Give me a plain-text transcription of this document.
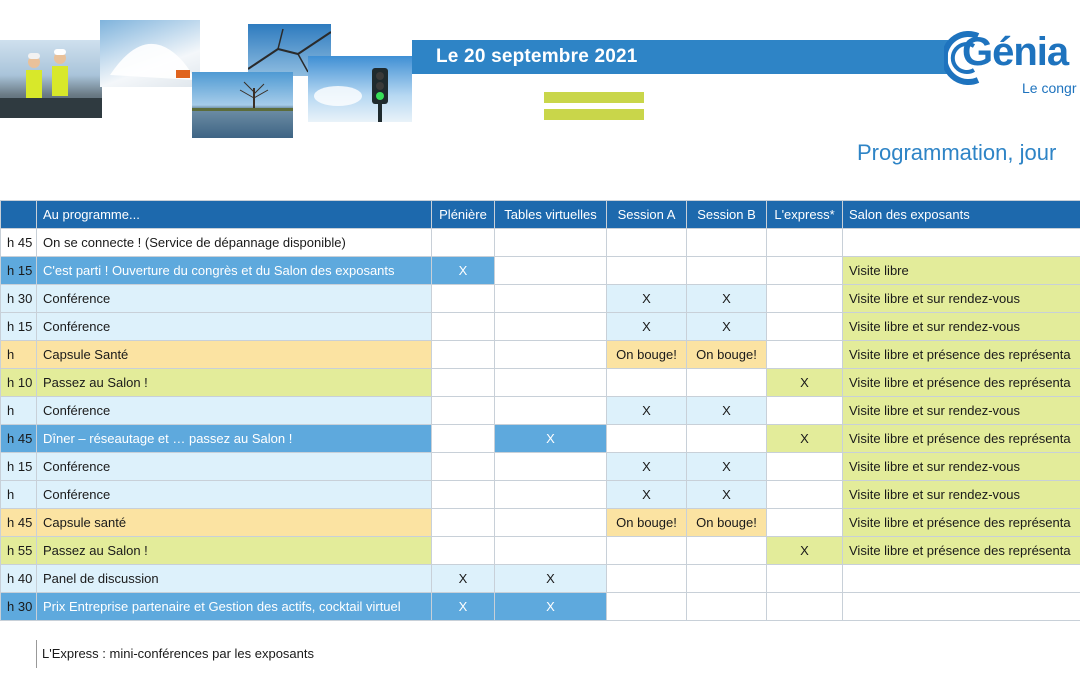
Le 20 septembre 2021	Génia
Le congr
Programmation, jour
	Au programme...	Plénière	Tables virtuelles	Session A	Session B	L'express*	Salon des exposants
h 45	On se connecte ! (Service de dépannage disponible)						
h 15	C'est parti ! Ouverture du congrès et du Salon des exposants	X					Visite libre
h 30	Conférence			X	X		Visite libre et sur rendez-vous
h 15	Conférence			X	X		Visite libre et sur rendez-vous
h	Capsule Santé			On bouge!	On bouge!		Visite libre et présence des représenta
h 10	Passez au Salon !					X	Visite libre et présence des représenta
h	Conférence			X	X		Visite libre et sur rendez-vous
h 45	Dîner – réseautage et … passez au Salon !		X			X	Visite libre et présence des représenta
h 15	Conférence			X	X		Visite libre et sur rendez-vous
h	Conférence			X	X		Visite libre et sur rendez-vous
h 45	Capsule santé			On bouge!	On bouge!		Visite libre et présence des représenta
h 55	Passez au Salon !					X	Visite libre et présence des représenta
h 40	Panel de discussion	X	X				
h 30	Prix Entreprise partenaire et Gestion des actifs, cocktail virtuel	X	X				
L'Express : mini-conférences par les exposants
